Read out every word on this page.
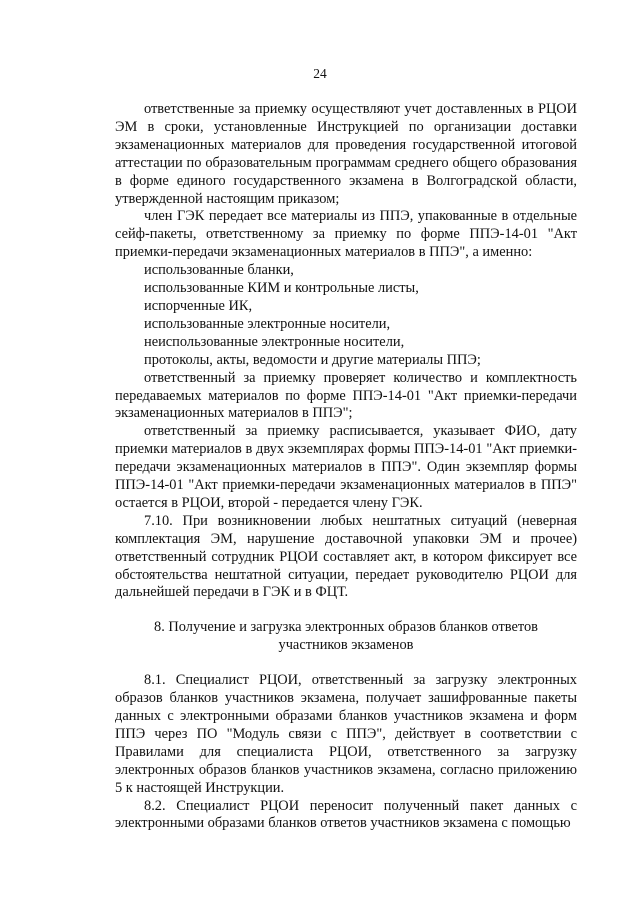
24

ответственные за приемку осуществляют учет доставленных в РЦОИ ЭМ в сроки, установленные Инструкцией по организации доставки экзаменационных материалов для проведения государственной итоговой аттестации по образовательным программам среднего общего образования в форме единого государственного экзамена в Волгоградской области, утвержденной настоящим приказом;

член ГЭК передает все материалы из ППЭ, упакованные в отдельные сейф-пакеты, ответственному за приемку по форме ППЭ-14-01 "Акт приемки-передачи экзаменационных материалов в ППЭ", а именно:

использованные бланки,

использованные КИМ и контрольные листы,

испорченные ИК,

использованные электронные носители,

неиспользованные электронные носители,

протоколы, акты, ведомости и другие материалы ППЭ;

ответственный за приемку проверяет количество и комплектность передаваемых материалов по форме ППЭ-14-01 "Акт приемки-передачи экзаменационных материалов в ППЭ";

ответственный за приемку расписывается, указывает ФИО, дату приемки материалов в двух экземплярах формы ППЭ-14-01 "Акт приемки-передачи экзаменационных материалов в ППЭ". Один экземпляр формы ППЭ-14-01 "Акт приемки-передачи экзаменационных материалов в ППЭ" остается в РЦОИ, второй - передается члену ГЭК.

7.10. При возникновении любых нештатных ситуаций (неверная комплектация ЭМ, нарушение доставочной упаковки ЭМ и прочее) ответственный сотрудник РЦОИ составляет акт, в котором фиксирует все обстоятельства нештатной ситуации, передает руководителю РЦОИ для дальнейшей передачи в ГЭК и в ФЦТ.

8. Получение и загрузка электронных образов бланков ответов
участников экзаменов

8.1. Специалист РЦОИ, ответственный за загрузку электронных образов бланков участников экзамена, получает зашифрованные пакеты данных с электронными образами бланков участников экзамена и форм ППЭ через ПО "Модуль связи с ППЭ", действует в соответствии с Правилами для специалиста РЦОИ, ответственного за загрузку электронных образов бланков участников экзамена, согласно приложению 5 к настоящей Инструкции.

8.2. Специалист РЦОИ переносит полученный пакет данных с электронными образами бланков ответов участников экзамена с помощью
